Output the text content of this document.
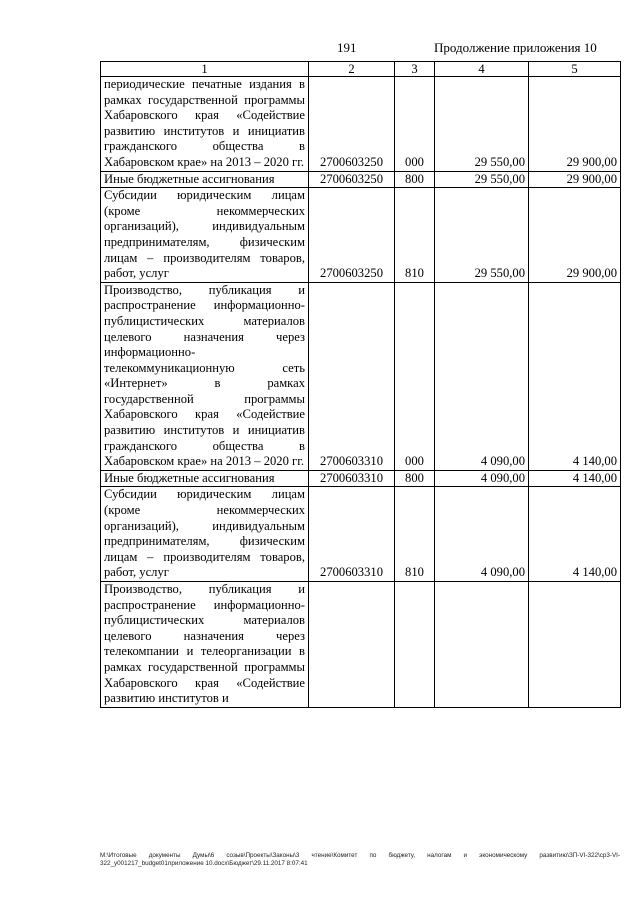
191	Продолжение приложения 10
1	2	3	4	5
периодические печатные издания в рамках государственной программы Хабаровского края «Содействие развитию институтов и инициатив гражданского общества в Хабаровском крае» на 2013 – 2020 гг.	2700603250	000	29 550,00	29 900,00
Иные бюджетные ассигнования	2700603250	800	29 550,00	29 900,00
Субсидии юридическим лицам (кроме некоммерческих организаций), индивидуальным предпринимателям, физическим лицам – производителям товаров, работ, услуг	2700603250	810	29 550,00	29 900,00
Производство, публикация и распространение информационно-публицистических материалов целевого назначения через информационно-телекоммуникационную сеть «Интернет» в рамках государственной программы Хабаровского края «Содействие развитию институтов и инициатив гражданского общества в Хабаровском крае» на 2013 – 2020 гг.	2700603310	000	4 090,00	4 140,00
Иные бюджетные ассигнования	2700603310	800	4 090,00	4 140,00
Субсидии юридическим лицам (кроме некоммерческих организаций), индивидуальным предпринимателям, физическим лицам – производителям товаров, работ, услуг	2700603310	810	4 090,00	4 140,00
Производство, публикация и распространение информационно-публицистических материалов целевого назначения через телекомпании и телеорганизации в рамках государственной программы Хабаровского края «Содействие развитию институтов и				
M:\Итоговые документы Думы\6 созыв\Проекты\Законы\3 чтение\Комитет по бюджету, налогам и экономическому развитию\ЗП-VI-322\ср3-VI-322_у001217_budget01приложение 10.docx\Бюджет\29.11.2017 8:07:41
